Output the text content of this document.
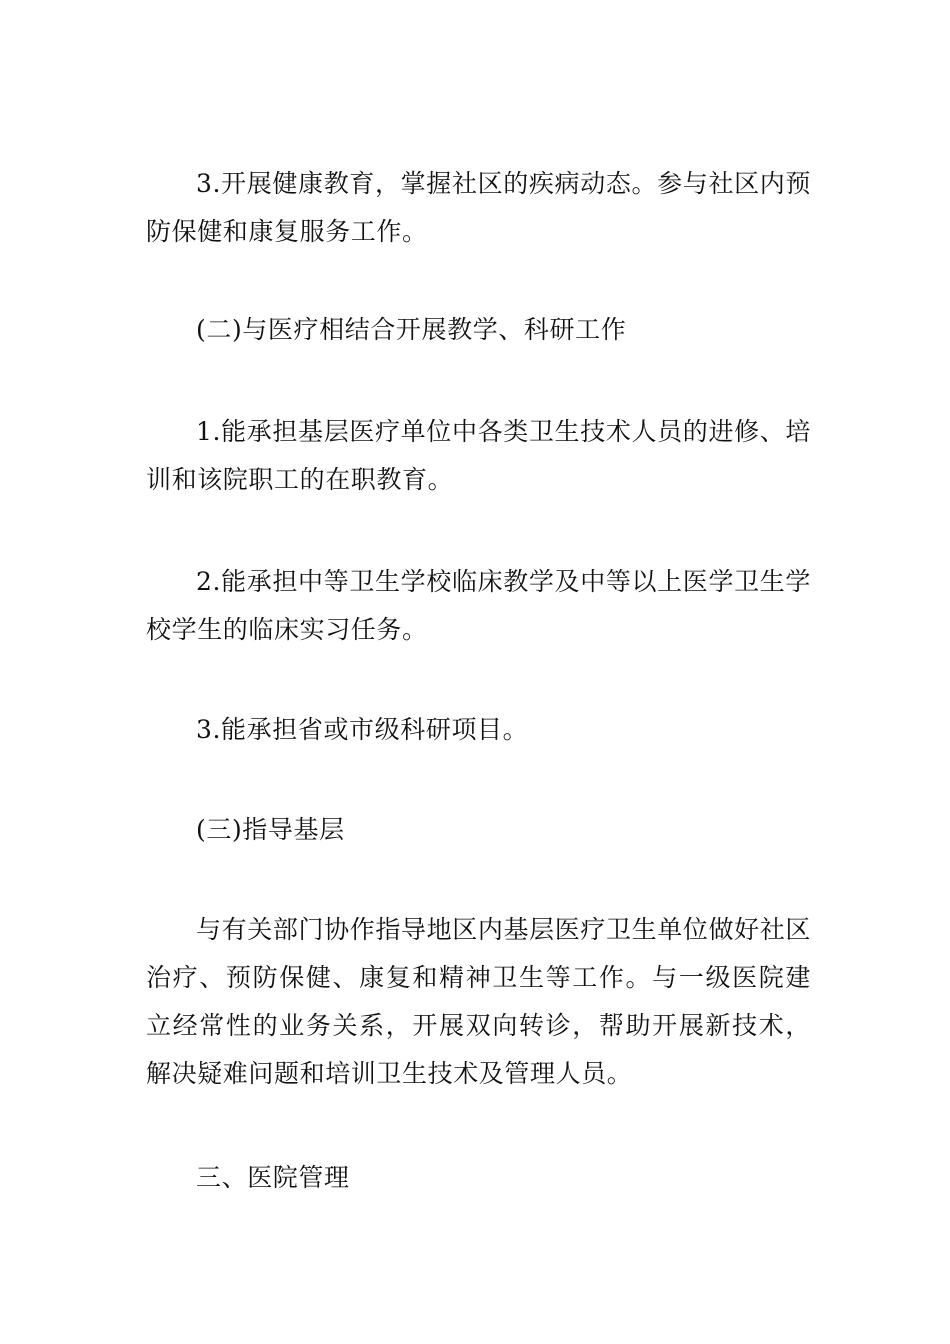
3.开展健康教育，掌握社区的疾病动态。参与社区内预防保健和康复服务工作。

(二)与医疗相结合开展教学、科研工作

1.能承担基层医疗单位中各类卫生技术人员的进修、培训和该院职工的在职教育。

2.能承担中等卫生学校临床教学及中等以上医学卫生学校学生的临床实习任务。

3.能承担省或市级科研项目。

(三)指导基层

与有关部门协作指导地区内基层医疗卫生单位做好社区治疗、预防保健、康复和精神卫生等工作。与一级医院建立经常性的业务关系，开展双向转诊，帮助开展新技术，解决疑难问题和培训卫生技术及管理人员。

三、医院管理
